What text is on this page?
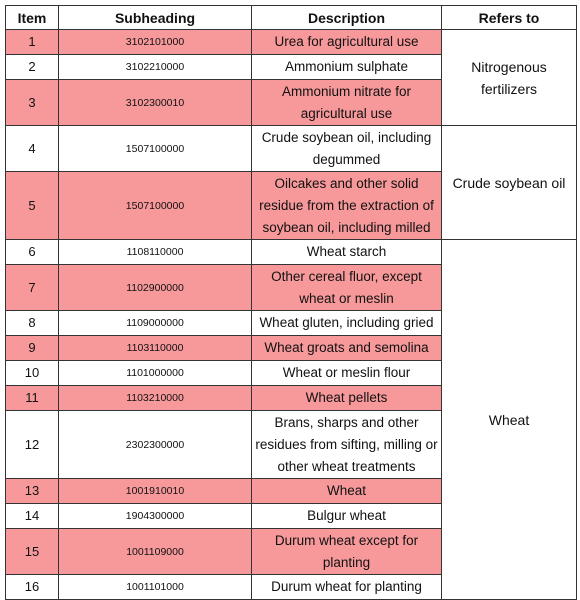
Item	Subheading	Description	Refers to
1	3102101000	Urea for agricultural use	Nitrogenous fertilizers
2	3102210000	Ammonium sulphate	
3	3102300010	Ammonium nitrate for agricultural use	
4	1507100000	Crude soybean oil, including degummed	Crude soybean oil
5	1507100000	Oilcakes and other solid residue from the extraction of soybean oil, including milled	
6	1108110000	Wheat starch	Wheat
7	1102900000	Other cereal fluor, except wheat or meslin	
8	1109000000	Wheat gluten, including gried	
9	1103110000	Wheat groats and semolina	
10	1101000000	Wheat or meslin flour	
11	1103210000	Wheat pellets	
12	2302300000	Brans, sharps and other residues from sifting, milling or other wheat treatments	
13	1001910010	Wheat	
14	1904300000	Bulgur wheat	
15	1001109000	Durum wheat except for planting	
16	1001101000	Durum wheat for planting	
